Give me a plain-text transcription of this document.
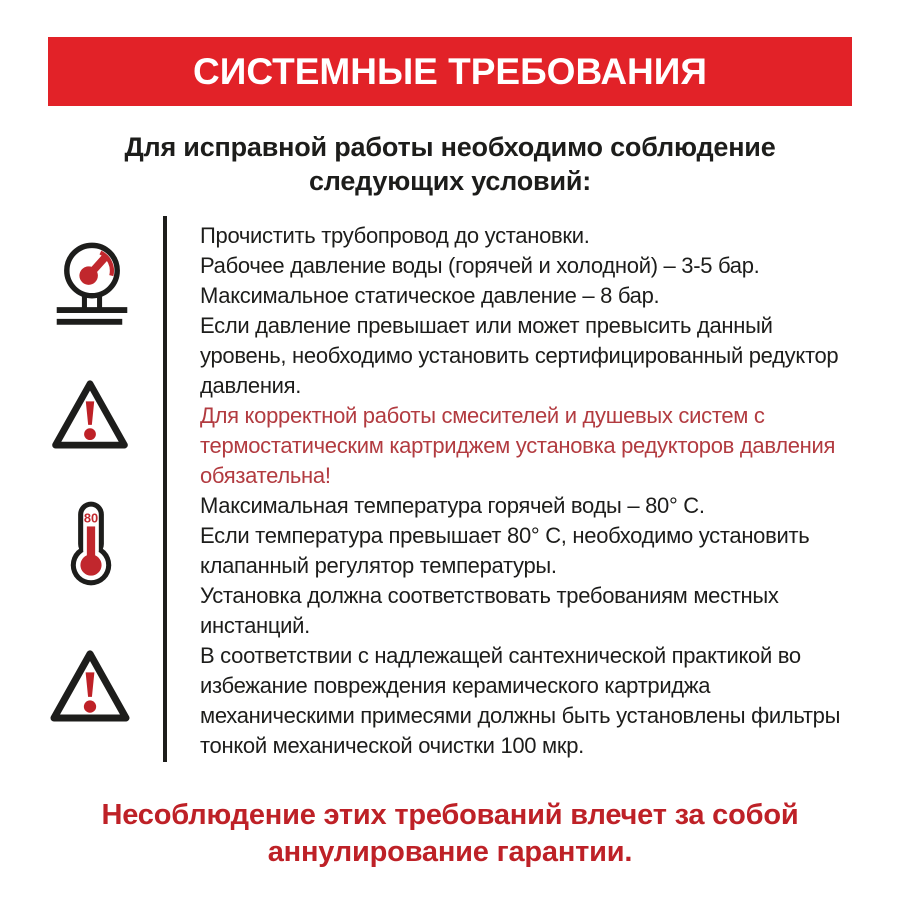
СИСТЕМНЫЕ ТРЕБОВАНИЯ

Для исправной работы необходимо соблюдение следующих условий:

80

Прочистить трубопровод до установки.

Рабочее давление воды (горячей и холодной) – 3-5 бар.

Максимальное статическое давление – 8 бар.

Если давление превышает или может превысить данный уровень, необходимо установить сертифицированный редуктор давления.

Для корректной работы смесителей и душевых систем с термостатическим картриджем установка редукторов давления обязательна!

Максимальная температура горячей воды – 80° C.

Если температура превышает 80° C, необходимо установить клапанный регулятор температуры.

Установка должна соответствовать требованиям местных инстанций.

В соответствии с надлежащей сантехнической практикой во избежание повреждения керамического картриджа механическими примесями должны быть установлены фильтры тонкой механической очистки 100 мкр.

Несоблюдение этих требований влечет за собой аннулирование гарантии.
